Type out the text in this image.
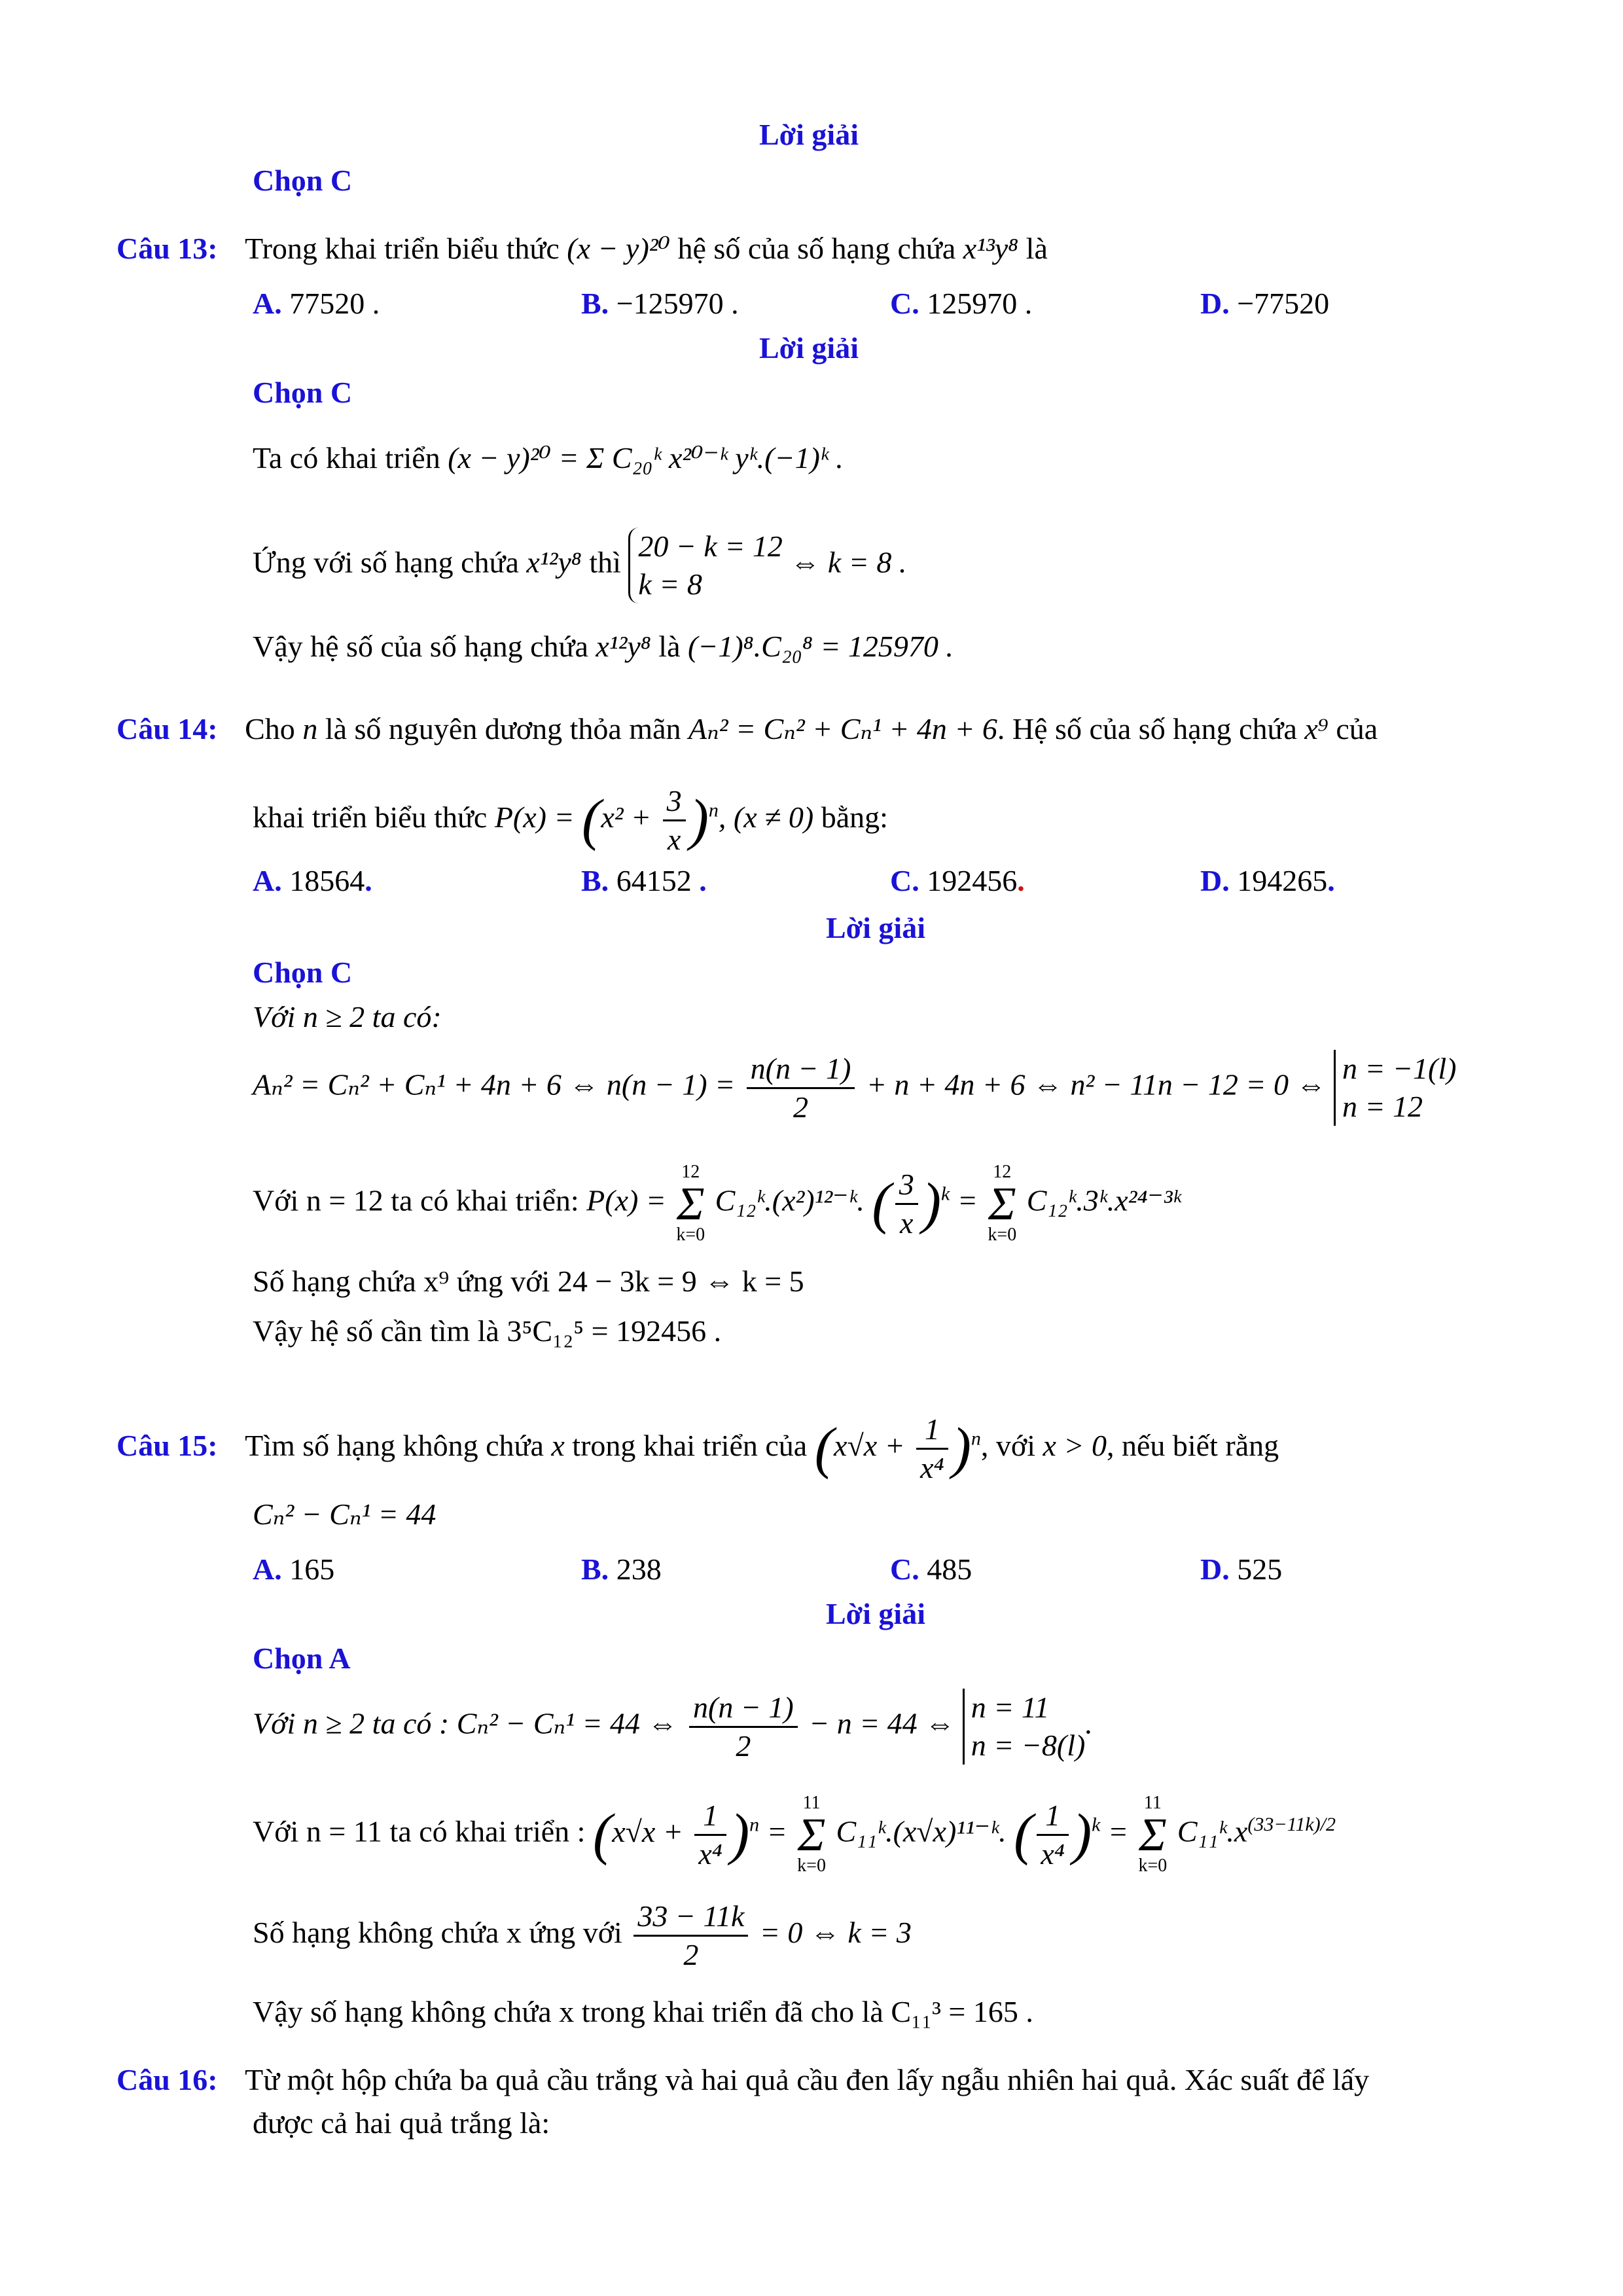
Lời giải
Chọn C
Câu 13: Trong khai triển biểu thức (x − y)²⁰ hệ số của số hạng chứa x¹³y⁸ là
A. 77520 .	B. −125970 .	C. 125970 .	D. −77520
Lời giải
Chọn C
Ta có khai triển (x − y)²⁰ = Σ C₂₀ᵏ x²⁰⁻ᵏ yᵏ.(−1)ᵏ .
Ứng với số hạng chứa x¹²y⁸ thì 20 − k = 12
k = 8
⇔ k = 8 .
Vậy hệ số của số hạng chứa x¹²y⁸ là (−1)⁸.C₂₀⁸ = 125970 .
Câu 14: Cho n là số nguyên dương thỏa mãn Aₙ² = Cₙ² + Cₙ¹ + 4n + 6. Hệ số của số hạng chứa x⁹ của
khai triển biểu thức $P(x) = (x^2 + \frac{3}{x} )^n$, (x ≠ 0) bằng:
A. 18564.	B. 64152 .	C. 192456.	D. 194265.
Lời giải
Chọn C
Với n ≥ 2 ta có:
Aₙ² = Cₙ² + Cₙ¹ + 4n + 6 ⇔ $n(n - 1) = \frac{n(n - 1)}{2} + n + 4n + 6$ ⇔ n² − 11n − 12 = 0 ⇔ n = −1(l)
n = 12
Với n = 12 ta có khai triển: P(x) =
12
Σ
k=0
C₁₂ᵏ.(x²)¹²⁻ᵏ. ( $\frac{3}{x} )^k$ =
12
Σ
k=0
C₁₂ᵏ.3ᵏ.x²⁴⁻³ᵏ
Số hạng chứa x⁹ ứng với 24 − 3k = 9 ⇔ k = 5
Vậy hệ số cần tìm là 3⁵C₁₂⁵ = 192456 .
Câu 15: Tìm số hạng không chứa x trong khai triển của $(x√x + \frac{1}{\text{x⁴}} )^n$, với x > 0, nếu biết rằng
Cₙ² − Cₙ¹ = 44
A. 165	B. 238	C. 485	D. 525
Lời giải
Chọn A
Với n ≥ 2 ta có : Cₙ² − Cₙ¹ = 44 ⇔ $\frac{n(n - 1)}{2} - n = 44$ ⇔ n = 11
n = −8(l)
.
Với n = 11 ta có khai triển : $(x√x + \frac{1}{\text{x⁴}} )^n$ =
11
Σ
k=0
C₁₁ᵏ.(x√x)¹¹⁻ᵏ. ( $\frac{1}{\text{x⁴}} )^k$ =
11
Σ
k=0
$C_{11}ᵏ.x^{(33-11k)/2}$
Số hạng không chứa x ứng với $\frac{33 - 11k}{2} = 0$ ⇔ k = 3
Vậy số hạng không chứa x trong khai triển đã cho là C₁₁³ = 165 .
Câu 16: Từ một hộp chứa ba quả cầu trắng và hai quả cầu đen lấy ngẫu nhiên hai quả. Xác suất để lấy
được cả hai quả trắng là:
